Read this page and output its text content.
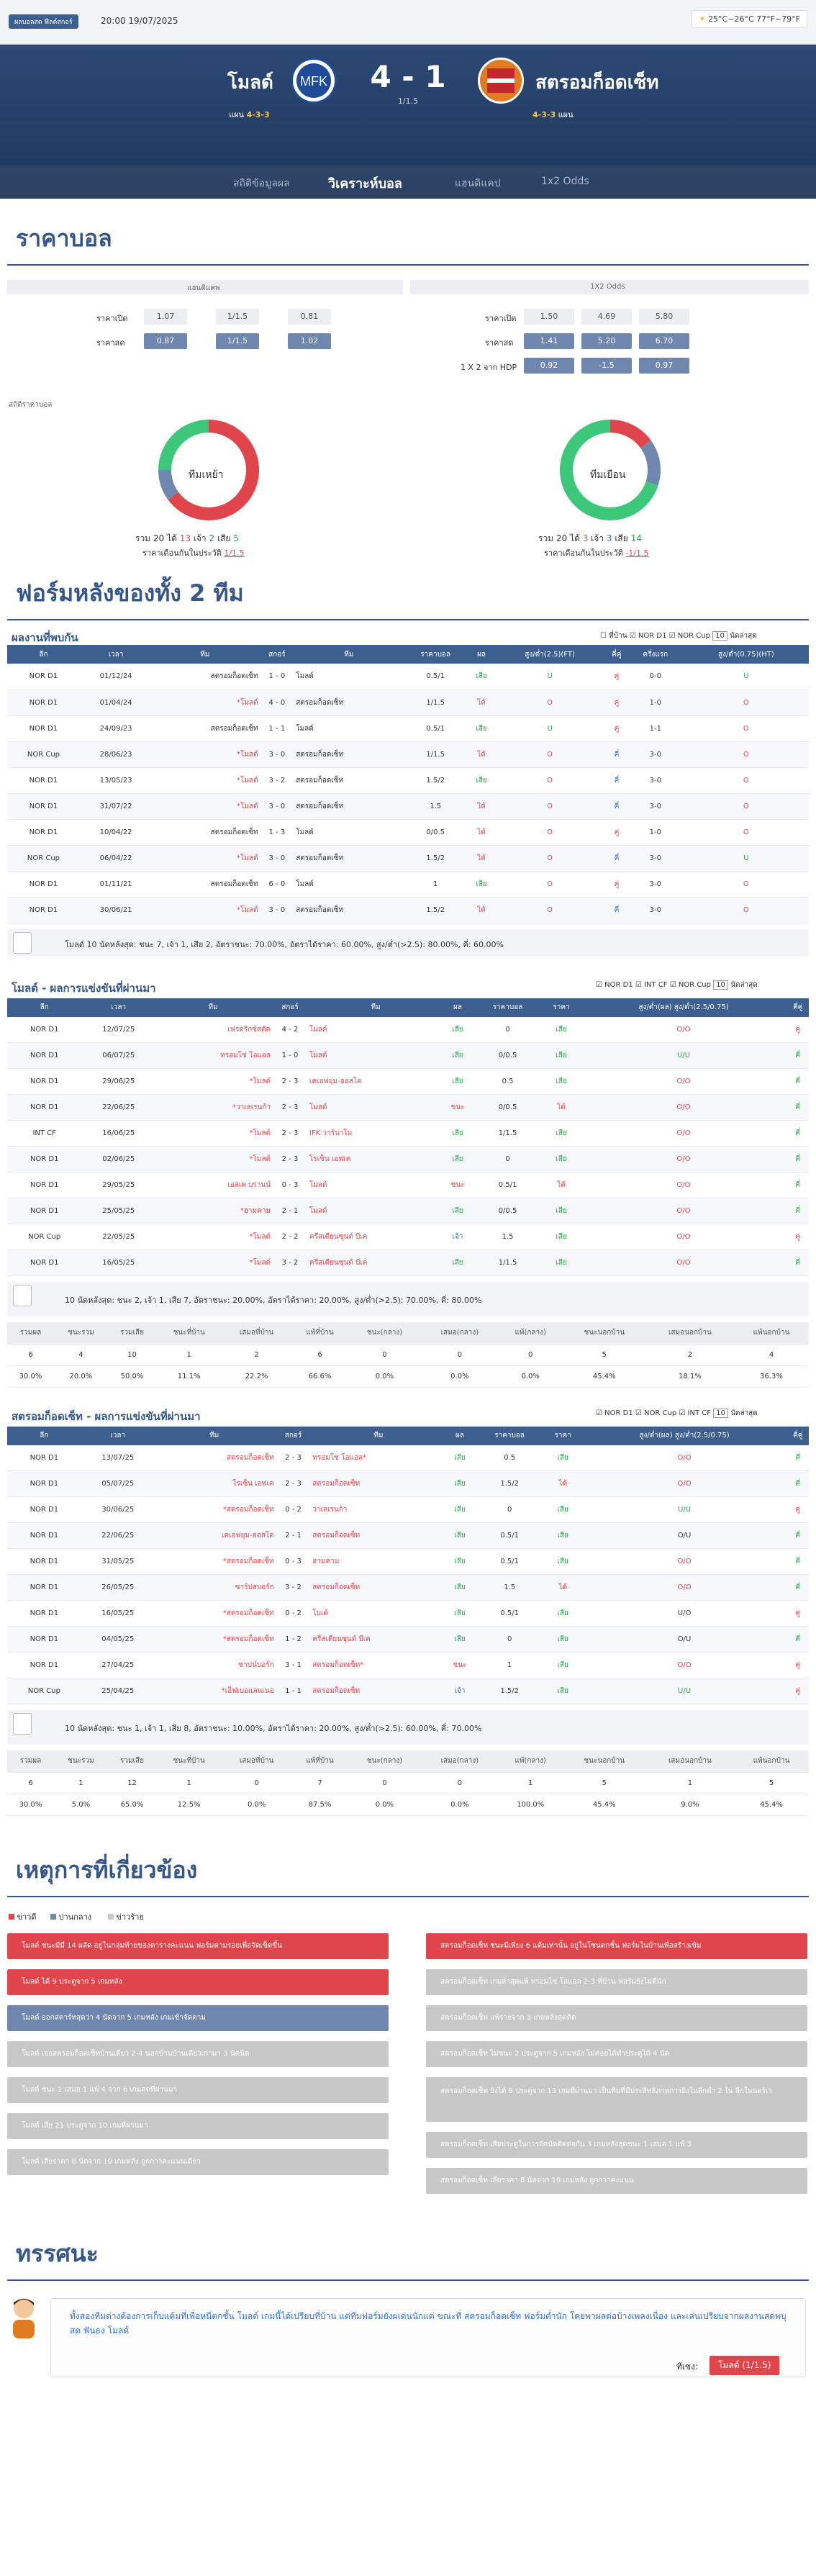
ผลบอลสด ฟีลด์สกอร์	20:00 19/07/2025	☀ 25°C~26°C 77°F~79°F
โมลด์ MFK	4 - 1
1/1.5
สตรอมก็อดเซ็ท
แผน 4-3-3	4-3-3 แผน
สถิติข้อมูลผล	วิเคราะห์บอล	แฮนดิแคป	1x2 Odds
ราคาบอล
แฮนดิแคพ	1X2 Odds
ราคาเปิด	1.07	1/1.5	0.81
ราคาสด	0.87	1/1.5	1.02
ราคาเปิด	1.50	4.69	5.80
ราคาสด	1.41	5.20	6.70
1 X 2 จาก HDP	0.92	-1.5	0.97
สถิติราคาบอล
ทีมเหย้า
รวม 20 ได้ 13 เจ้า 2 เสีย 5
ราคาเดือนกันในประวัติ 1/1.5
ทีมเยือน
รวม 20 ได้ 3 เจ้า 3 เสีย 14
ราคาเดือนกันในประวัติ -1/1.5
ฟอร์มหลังของทั้ง 2 ทีม
ผลงานที่พบกัน	☐ ที่บ้าน ☑ NOR D1 ☑ NOR Cup 10 นัดล่าสุด
ลีก	เวลา	ทีม	สกอร์	ทีม	ราคาบอล	ผล	สูง/ต่ำ(2.5)(FT)	คี่คู่	ครึ่งแรก	สูง/ต่ำ(0.75)(HT)
NOR D1	01/12/24	สตรอมก็อดเซ็ท	1 - 0	โมลด์	0.5/1	เสีย	U	คู่	0-0	U
NOR D1	01/04/24	*โมลด์	4 - 0	สตรอมก็อดเซ็ท	1/1.5	ได้	O	คู่	1-0	O
NOR D1	24/09/23	สตรอมก็อดเซ็ท	1 - 1	โมลด์	0.5/1	เสีย	U	คู่	1-1	O
NOR Cup	28/06/23	*โมลด์	3 - 0	สตรอมก็อดเซ็ท	1/1.5	ได้	O	คี่	3-0	O
NOR D1	13/05/23	*โมลด์	3 - 2	สตรอมก็อดเซ็ท	1.5/2	เสีย	O	คี่	3-0	O
NOR D1	31/07/22	*โมลด์	3 - 0	สตรอมก็อดเซ็ท	1.5	ได้	O	คี่	3-0	O
NOR D1	10/04/22	สตรอมก็อดเซ็ท	1 - 3	โมลด์	0/0.5	ได้	O	คู่	1-0	O
NOR Cup	06/04/22	*โมลด์	3 - 0	สตรอมก็อดเซ็ท	1.5/2	ได้	O	คี่	3-0	U
NOR D1	01/11/21	สตรอมก็อดเซ็ท	6 - 0	โมลด์	1	เสีย	O	คู่	3-0	O
NOR D1	30/06/21	*โมลด์	3 - 0	สตรอมก็อดเซ็ท	1.5/2	ได้	O	คี่	3-0	O
โมลด์ 10 นัดหลังสุด: ชนะ 7, เจ้า 1, เสีย 2, อัตราชนะ: 70.00%, อัตราได้ราคา: 60.00%, สูง/ต่ำ(>2.5): 80.00%, คี่: 60.00%
โมลด์ - ผลการแข่งขันที่ผ่านมา	☑ NOR D1 ☑ INT CF ☑ NOR Cup 10 นัดล่าสุด
ลีก	เวลา	ทีม	สกอร์	ทีม	ผล	ราคาบอล	ราคา	สูง/ต่ำ(ผล) สูง/ต่ำ(2.5/0.75)	คี่คู่
NOR D1	12/07/25	เฟรดริกซ์สตัด	4 - 2	โมลด์	เสีย	0	เสีย	O/O	คู่
NOR D1	06/07/25	ทรอมโซ่ โอแอล	1 - 0	โมลด์	เสีย	0/0.5	เสีย	U/U	คี่
NOR D1	29/06/25	*โมลด์	2 - 3	เคเอฟยุม-ฮอสโด	เสีย	0.5	เสีย	O/O	คี่
NOR D1	22/06/25	*วาเลเรนก้า	2 - 3	โมลด์	ชนะ	0/0.5	ได้	O/O	คี่
INT CF	16/06/25	*โมลด์	2 - 3	IFK วาร์นาโม	เสีย	1/1.5	เสีย	O/O	คี่
NOR D1	02/06/25	*โมลด์	2 - 3	โรเซ็น เอฟเค	เสีย	0	เสีย	O/O	คี่
NOR D1	29/05/25	เอสเค บรานน์	0 - 3	โมลด์	ชนะ	0.5/1	ได้	O/O	คี่
NOR D1	25/05/25	*ฮามคาม	2 - 1	โมลด์	เสีย	0/0.5	เสีย	O/O	คี่
NOR Cup	22/05/25	*โมลด์	2 - 2	ครีสเตียนซุนด์ บีเค	เจ้า	1.5	เสีย	O/O	คู่
NOR D1	16/05/25	*โมลด์	3 - 2	ครีสเตียนซุนด์ บีเค	เสีย	1/1.5	เสีย	O/O	คี่
10 นัดหลังสุด: ชนะ 2, เจ้า 1, เสีย 7, อัตราชนะ: 20.00%, อัตราได้ราคา: 20.00%, สูง/ต่ำ(>2.5): 70.00%, คี่: 80.00%
รวมผล	ชนะรวม	รวมเสีย	ชนะที่บ้าน	เสมอที่บ้าน	แพ้ที่บ้าน	ชนะ(กลาง)	เสมอ(กลาง)	แพ้(กลาง)	ชนะนอกบ้าน	เสมอนอกบ้าน	แพ้นอกบ้าน
6	4	10	1	2	6	0	0	0	5	2	4
30.0%	20.0%	50.0%	11.1%	22.2%	66.6%	0.0%	0.0%	0.0%	45.4%	18.1%	36.3%
สตรอมก็อดเซ็ท - ผลการแข่งขันที่ผ่านมา	☑ NOR D1 ☑ NOR Cup ☑ INT CF 10 นัดล่าสุด
ลีก	เวลา	ทีม	สกอร์	ทีม	ผล	ราคาบอล	ราคา	สูง/ต่ำ(ผล) สูง/ต่ำ(2.5/0.75)	คี่คู่
NOR D1	13/07/25	สตรอมก็อดเซ็ท	2 - 3	ทรอมโซ่ โอแอล*	เสีย	0.5	เสีย	O/O	คี่
NOR D1	05/07/25	โรเซ็น เอฟเค	2 - 3	สตรอมก็อดเซ็ท	เสีย	1.5/2	ได้	O/O	คี่
NOR D1	30/06/25	*สตรอมก็อดเซ็ท	0 - 2	วาเลเรนก้า	เสีย	0	เสีย	U/U	คู่
NOR D1	22/06/25	เคเอฟยุม-ฮอสโด	2 - 1	สตรอมก็อดเซ็ท	เสีย	0.5/1	เสีย	O/U	คี่
NOR D1	31/05/25	*สตรอมก็อดเซ็ท	0 - 3	ฮามคาม	เสีย	0.5/1	เสีย	O/O	คี่
NOR D1	26/05/25	ซาร์ปสบอร์ก	3 - 2	สตรอมก็อดเซ็ท	เสีย	1.5	ได้	O/O	คี่
NOR D1	16/05/25	*สตรอมก็อดเซ็ท	0 - 2	โบเด้	เสีย	0.5/1	เสีย	U/O	คู่
NOR D1	04/05/25	*สตรอมก็อดเซ็ท	1 - 2	ครีสเตียนซุนด์ บีเค	เสีย	0	เสีย	O/U	คี่
NOR D1	27/04/25	ซาปน์บอร์ก	3 - 1	สตรอมก็อดเซ็ท*	ชนะ	1	เสีย	O/O	คู่
NOR Cup	25/04/25	*เอ็ฟเบอแลนเนอ	1 - 1	สตรอมก็อดเซ็ท	เจ้า	1.5/2	เสีย	U/U	คู่
10 นัดหลังสุด: ชนะ 1, เจ้า 1, เสีย 8, อัตราชนะ: 10.00%, อัตราได้ราคา: 20.00%, สูง/ต่ำ(>2.5): 60.00%, คี่: 70.00%
รวมผล	ชนะรวม	รวมเสีย	ชนะที่บ้าน	เสมอที่บ้าน	แพ้ที่บ้าน	ชนะ(กลาง)	เสมอ(กลาง)	แพ้(กลาง)	ชนะนอกบ้าน	เสมอนอกบ้าน	แพ้นอกบ้าน
6	1	12	1	0	7	0	0	1	5	1	5
30.0%	5.0%	65.0%	12.5%	0.0%	87.5%	0.0%	0.0%	100.0%	45.4%	9.0%	45.4%
เหตุการที่เกี่ยวข้อง
ข่าวดี	ปานกลาง	ข่าวร้าย
โมลด์ ชนะมีมี 14 ผลัด อยู่ในกลุ่มท้ายของตารางคะแนน ฟอร์มตามรอยเพื่อจัดเข็ดขึ้น
โมลด์ ได้ 9 ประตูจาก 5 เกมหลัง
โมลด์ ออกสตาร์ทสุดว่า 4 นัดจาก 5 เกมหลัง เกมเข้าจัดตาม
โมลด์ เจอสตรอมก็อดเซ็ทบ้านเดียว 2-4 นอกบ้านบ้านเดียวเก่ามา 3 นัดนิด
โมลด์ ชนะ 1 เสมอ 1 แพ้ 4 จาก 6 เกมสดที่ผ่านมา
โมลด์ เสีย 21 ประตูจาก 10 เกมที่ผ่านมา
โมลด์ เสียราคา 8 นัดจาก 10 เกมหลัง ถูกกาาคะแนนเดียว
สตรอมก็อดเซ็ท ชนะมีเพียง 6 แต้มเท่านั้น อยู่ในโซนตกชั้น ฟอร์มในบ้านเพื่อสร้างเข้ม
สตรอมก็อดเซ็ท เกมล่าสุดแพ้ ทรอมโซ่ โอแอล 2-3 ที่บ้าน ฟอร์มยังไม่ดีนัก
สตรอมก็อดเซ็ท แพ้รายจาก 3 เกมหลังสุดติด
สตรอมก็อดเซ็ท ไม่ชนะ 2 ประตูจาก 5 เกมหลัง ไม่ค่อยได้ทำประตูได้ 4 นัด
สตรอมก็อดเซ็ท ยิงได้ 9 ประตูจาก 13 เกมที่ผ่านมา เป็นทีมที่มีประสิทธิภาพการยิงในลีกต่ำ 2 ใน ลีกในนอร์เว
สตรอมก็อดเซ็ท เสียประตูในการจัดนัดติดต่อกัน 3 เกมหลังสุดชนะ 1 เสมอ 1 แพ้ 3
สตรอมก็อดเซ็ท เสียราคา 8 นัดจาก 10 เกมหลัง ถูกกาาคะแนน
ทรรศนะ
ทั้งสองทีมต่างต้องการเก็บแต้มที่เพื่อหนีตกชั้น โมลด์ เกมนี้ได้เปรียบที่บ้าน แต่ทีมฟอร์มยังผเด่นนักแต่ ขณะที่ สตรอมก็อดเซ็ท ฟอร์มต่ำนัก โดยพาผลต่อบ้างเพลงเนื่อง และเล่นเปรียบจากผลงานสดพบุสด ฟันธง โมลด์
ทีเซง:	โมลด์ (1/1.5)
